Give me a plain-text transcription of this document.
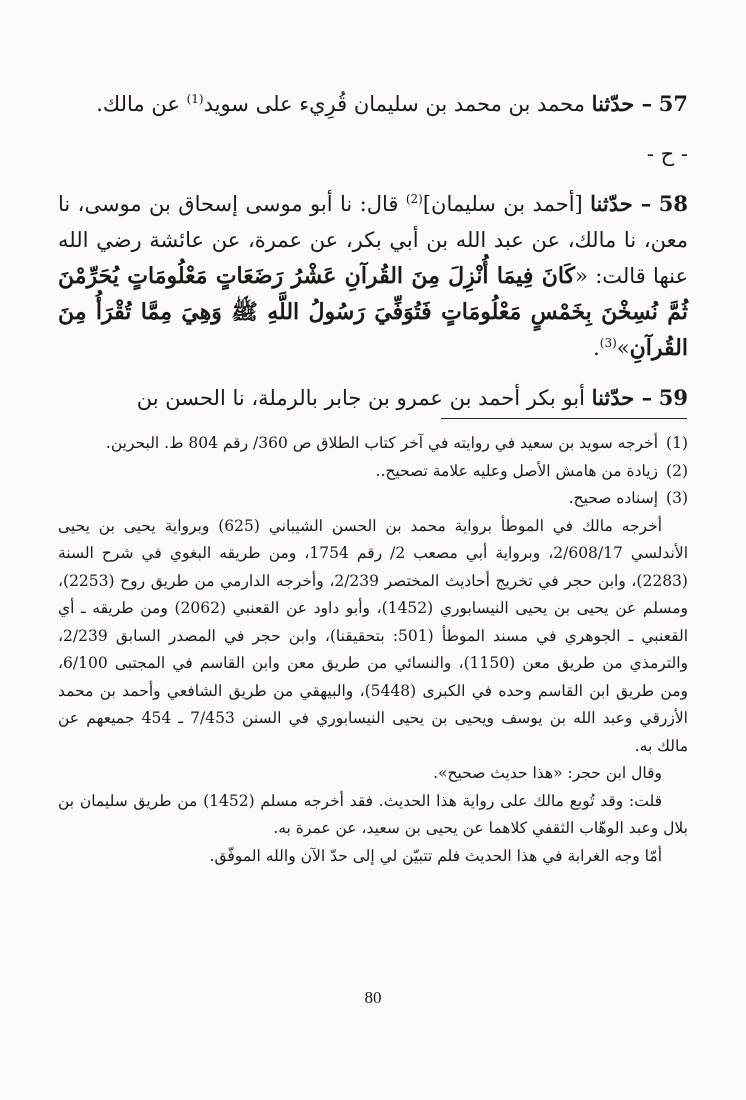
57 – حدّثنا محمد بن محمد بن سليمان قُرِيء على سويد$^{(1)}$ عن مالك.

- ح -

58 – حدّثنا [أحمد بن سليمان]$^{(2)}$ قال: نا أبو موسى إسحاق بن موسى، نا معن، نا مالك، عن عبد الله بن أبي بكر، عن عمرة، عن عائشة رضي الله عنها قالت: «كَانَ فِيمَا أُنْزِلَ مِنَ القُرآنِ عَشْرُ رَضَعَاتٍ مَعْلُومَاتٍ يُحَرِّمْنَ ثُمَّ نُسِخْنَ بِخَمْسٍ مَعْلُومَاتٍ فَتُوَفِّيَ رَسُولُ اللَّهِ ﷺ وَهِيَ مِمَّا تُقْرَأُ مِنَ القُرآنِ»$^{(3)}$.

59 – حدّثنا أبو بكر أحمد بن عمرو بن جابر بالرملة، نا الحسن بن

(1)
أخرجه سويد بن سعيد في روايته في آخر كتاب الطلاق ص 360/ رقم 804 ط. البحرين.
(2)
زيادة من هامش الأصل وعليه علامة تصحيح..
(3)
إسناده صحيح.

أخرجه مالك في الموطأ برواية محمد بن الحسن الشيباني (625) وبرواية يحيى بن يحيى الأندلسي 2/608/17، وبرواية أبي مصعب 2/ رقم 1754، ومن طريقه البغوي في شرح السنة (2283)، وابن حجر في تخريج أحاديث المختصر 2/239، وأخرجه الدارمي من طريق روح (2253)، ومسلم عن يحيى بن يحيى النيسابوري (1452)، وأبو داود عن القعنبي (2062) ومن طريقه ـ أي القعنبي ـ الجوهري في مسند الموطأ (501: بتحقيقنا)، وابن حجر في المصدر السابق 2/239، والترمذي من طريق معن (1150)، والنسائي من طريق معن وابن القاسم في المجتبى 6/100، ومن طريق ابن القاسم وحده في الكبرى (5448)، والبيهقي من طريق الشافعي وأحمد بن محمد الأزرقي وعبد الله بن يوسف ويحيى بن يحيى النيسابوري في السنن 7/453 ـ 454 جميعهم عن مالك به.

وقال ابن حجر: «هذا حديث صحيح».

قلت: وقد تُوبع مالك على رواية هذا الحديث. فقد أخرجه مسلم (1452) من طريق سليمان بن بلال وعبد الوهّاب الثقفي كلاهما عن يحيى بن سعيد، عن عمرة به.

أمّا وجه الغرابة في هذا الحديث فلم تتبيّن لي إلى حدّ الآن والله الموفّق.

80
